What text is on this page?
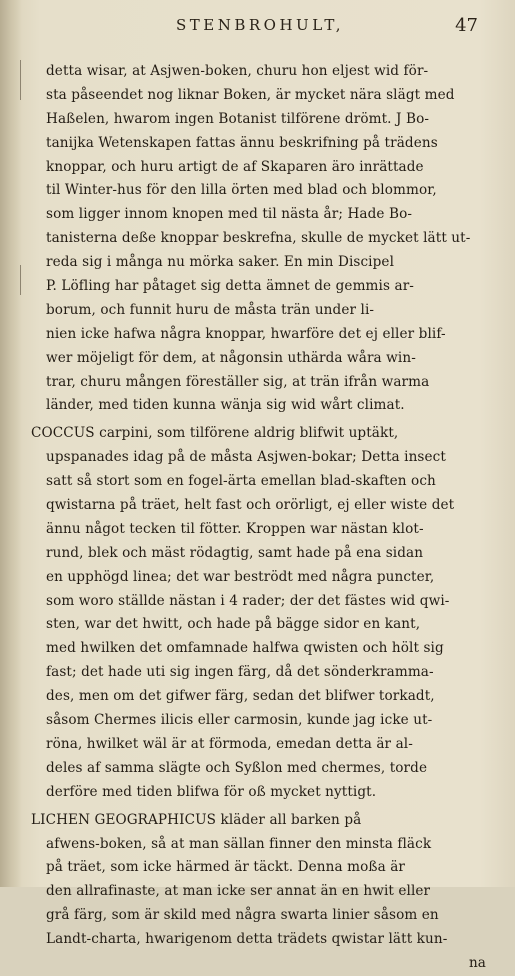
STENBROHULT,	47
detta wisar, at Asjwen-boken, churu hon eljest wid för-
sta påseendet nog liknar Boken, är mycket nära slägt med
Haßelen, hwarom ingen Botanist tilförene drömt. J Bo-
tanijka Wetenskapen fattas ännu beskrifning på trädens
knoppar, och huru artigt de af Skaparen äro inrättade
til Winter-hus för den lilla örten med blad och blommor,
som ligger innom knopen med til nästa år; Hade Bo-
tanisterna deße knoppar beskrefna, skulle de mycket lätt ut-
reda sig i många nu mörka saker. En min Discipel
P. Löfling har påtaget sig detta ämnet de gemmis ar-
borum, och funnit huru de måsta trän under li-
nien icke hafwa några knoppar, hwarföre det ej eller blif-
wer möjeligt för dem, at någonsin uthärda wåra win-
trar, churu mången föreställer sig, at trän ifrån warma
länder, med tiden kunna wänja sig wid wårt climat.
COCCUS carpini, som tilförene aldrig blifwit uptäkt,
upspanades idag på de måsta Asjwen-bokar; Detta insect
satt så stort som en fogel-ärta emellan blad-skaften och
qwistarna på träet, helt fast och orörligt, ej eller wiste det
ännu något tecken til fötter. Kroppen war nästan klot-
rund, blek och mäst rödagtig, samt hade på ena sidan
en upphögd linea; det war beströdt med några puncter,
som woro ställde nästan i 4 rader; der det fästes wid qwi-
sten, war det hwitt, och hade på bägge sidor en kant,
med hwilken det omfamnade halfwa qwisten och hölt sig
fast; det hade uti sig ingen färg, då det sönderkramma-
des, men om det gifwer färg, sedan det blifwer torkadt,
såsom Chermes ilicis eller carmosin, kunde jag icke ut-
röna, hwilket wäl är at förmoda, emedan detta är al-
deles af samma slägte och Syßlon med chermes, torde
derföre med tiden blifwa för oß mycket nyttigt.
LICHEN GEOGRAPHICUS kläder all barken på
afwens-boken, så at man sällan finner den minsta fläck
på träet, som icke härmed är täckt. Denna moßa är
den allrafinaste, at man icke ser annat än en hwit eller
grå färg, som är skild med några swarta linier såsom en
Landt-charta, hwarigenom detta trädets qwistar lätt kun-
na
